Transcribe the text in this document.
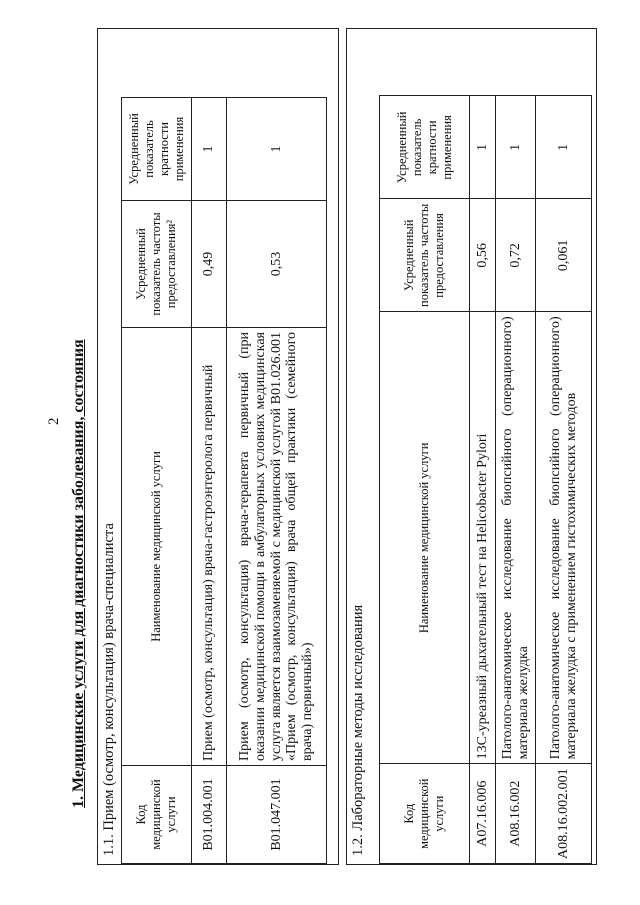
2 1. Медицинские услуги для диагностики заболевания, состояния 1.1. Прием (осмотр, консультация) врача-специалиста Код медицинской услуги	Наименование медицинской услуги	Усредненный показатель частоты предоставления²	Усредненный показатель кратности применения
B01.004.001	Прием (осмотр, консультация) врача-гастроэнтеролога первичный	0,49	1
B01.047.001	Прием (осмотр, консультация) врача-терапевта первичный (при оказании медицинской помощи в амбулаторных условиях медицинская услуга является взаимозаменяемой с медицинской услугой B01.026.001 «Прием (осмотр, консультация) врача общей практики (семейного врача) первичный»)	0,53	1
1.2. Лабораторные методы исследования	Код медицинской услуги	Наименование медицинской услуги	Усредненный показатель частоты предоставления	Усредненный показатель кратности применения
A07.16.006	13С-уреазный дыхательный тест на Helicobacter Pylori	0,56	1
A08.16.002	Патолого-анатомическое исследование биопсийного (операционного) материала желудка	0,72	1
A08.16.002.001	Патолого-анатомическое исследование биопсийного (операционного) материала желудка с применением гистохимических методов	0,061	1
